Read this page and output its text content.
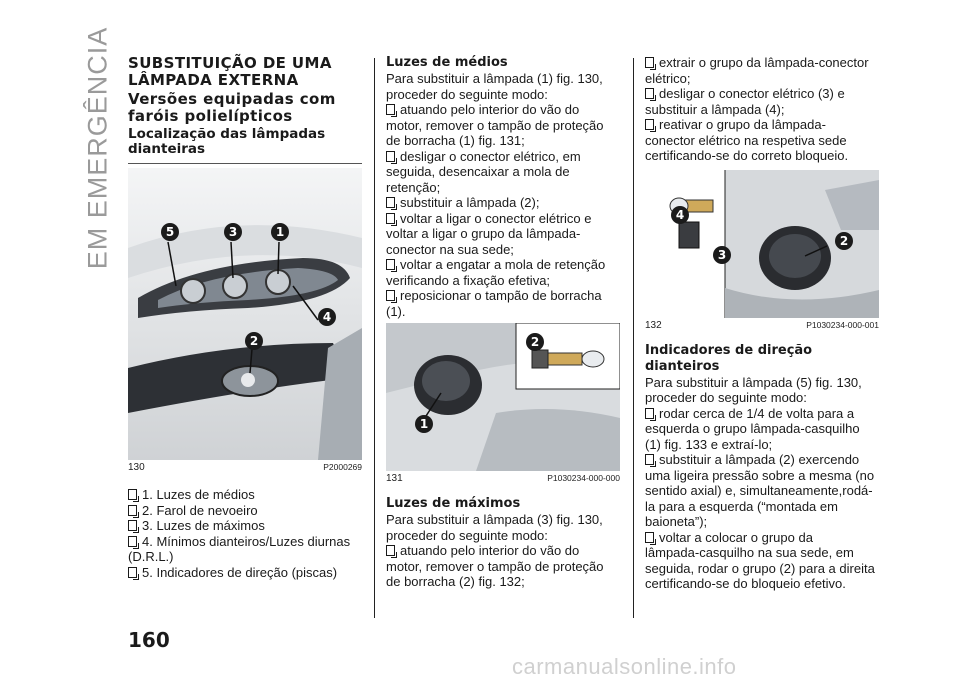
EM EMERGÊNCIA SUBSTITUIÇÃO DE UMA

LÂMPADA EXTERNA

Versões equipadas com

faróis polielípticos

Localização das lâmpadas

dianteiras

5	3	1
4
2
130	P2000269

1. Luzes de médios

2. Farol de nevoeiro

3. Luzes de máximos

4. Mínimos dianteiros/Luzes diurnas

(D.R.L.)

5. Indicadores de direção (piscas)

Luzes de médios

Para substituir a lâmpada (1) fig. 130,

proceder do seguinte modo:

atuando pelo interior do vão do

motor, remover o tampão de proteção

de borracha (1) fig. 131;

desligar o conector elétrico, em

seguida, desencaixar a mola de

retenção;

substituir a lâmpada (2);

voltar a ligar o conector elétrico e

voltar a ligar o grupo da lâmpada-

conector na sua sede;

voltar a engatar a mola de retenção

verificando a fixação efetiva;

reposicionar o tampão de borracha

(1).

2
1
131	P1030234-000-000

Luzes de máximos

Para substituir a lâmpada (3) fig. 130,

proceder do seguinte modo:

atuando pelo interior do vão do

motor, remover o tampão de proteção

de borracha (2) fig. 132;

extrair o grupo da lâmpada-conector

elétrico;

desligar o conector elétrico (3) e

substituir a lâmpada (4);

reativar o grupo da lâmpada-

conector elétrico na respetiva sede

certificando-se do correto bloqueio.

4
3
2
132	P1030234-000-001

Indicadores de direção dianteiros

Para substituir a lâmpada (5) fig. 130,

proceder do seguinte modo:

rodar cerca de 1/4 de volta para a

esquerda o grupo lâmpada-casquilho

(1) fig. 133 e extraí-lo;

substituir a lâmpada (2) exercendo

uma ligeira pressão sobre a mesma (no

sentido axial) e, simultaneamente,rodá-

la para a esquerda (“montada em

baioneta”);

voltar a colocar o grupo da

lâmpada-casquilho na sua sede, em

seguida, rodar o grupo (2) para a direita

certificando-se do bloqueio efetivo.

160
carmanualsonline.info
